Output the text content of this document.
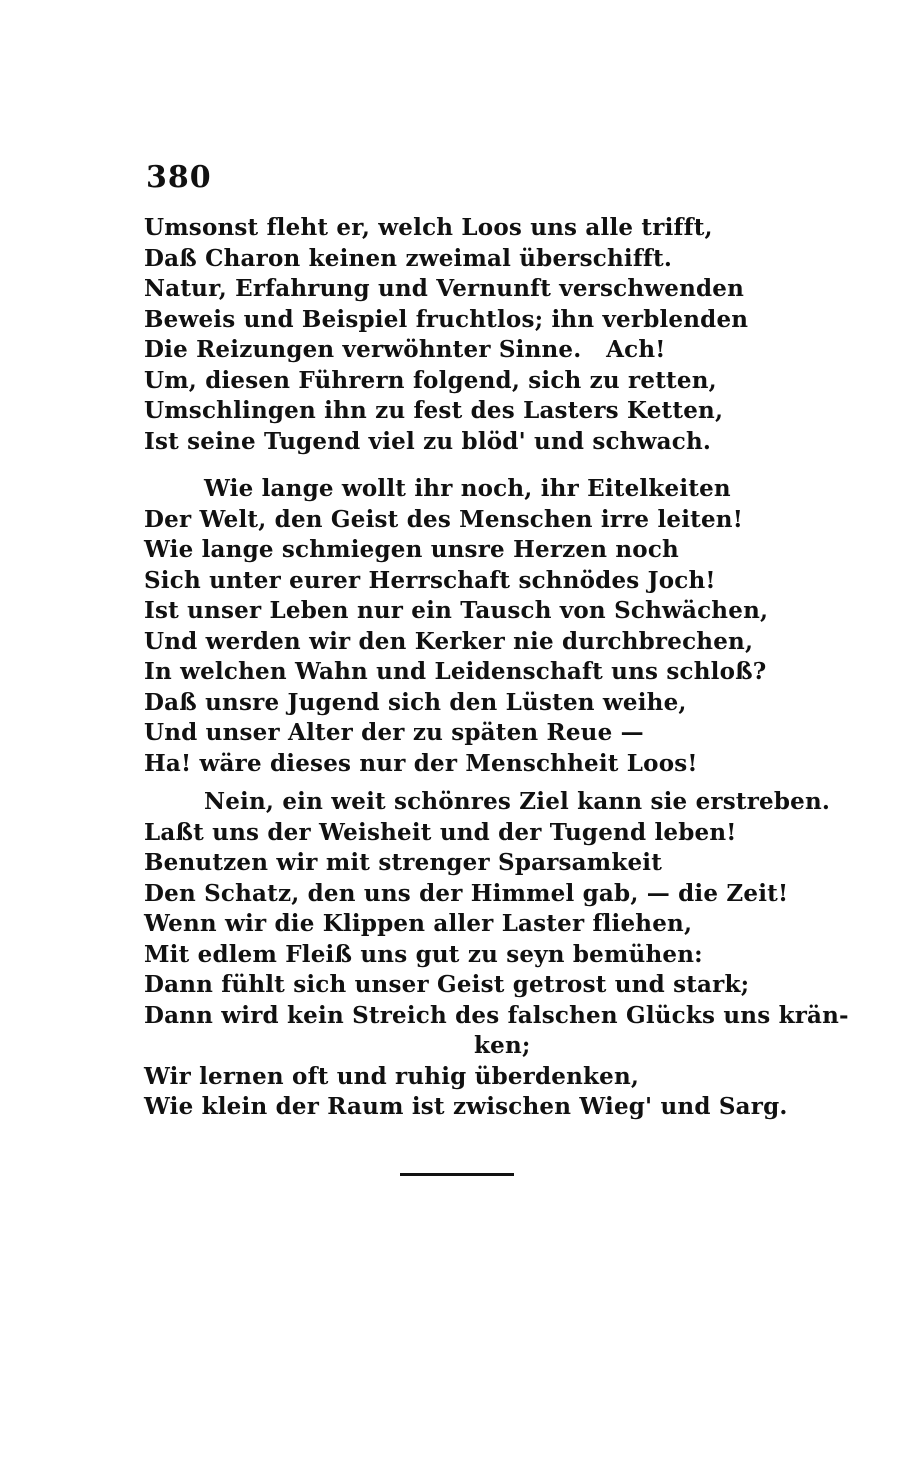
380
Umsonst fleht er, welch Loos uns alle trifft,
Daß Charon keinen zweimal überschifft.
Natur, Erfahrung und Vernunft verschwenden
Beweis und Beispiel fruchtlos; ihn verblenden
Die Reizungen verwöhnter Sinne.   Ach!
Um, diesen Führern folgend, sich zu retten,
Umschlingen ihn zu fest des Lasters Ketten,
Ist seine Tugend viel zu blöd' und schwach.
Wie lange wollt ihr noch, ihr Eitelkeiten
Der Welt, den Geist des Menschen irre leiten!
Wie lange schmiegen unsre Herzen noch
Sich unter eurer Herrschaft schnödes Joch!
Ist unser Leben nur ein Tausch von Schwächen,
Und werden wir den Kerker nie durchbrechen,
In welchen Wahn und Leidenschaft uns schloß?
Daß unsre Jugend sich den Lüsten weihe,
Und unser Alter der zu späten Reue —
Ha! wäre dieses nur der Menschheit Loos!
Nein, ein weit schönres Ziel kann sie erstreben.
Laßt uns der Weisheit und der Tugend leben!
Benutzen wir mit strenger Sparsamkeit
Den Schatz, den uns der Himmel gab, — die Zeit!
Wenn wir die Klippen aller Laster fliehen,
Mit edlem Fleiß uns gut zu seyn bemühen:
Dann fühlt sich unser Geist getrost und stark;
Dann wird kein Streich des falschen Glücks uns krän-
ken;
Wir lernen oft und ruhig überdenken,
Wie klein der Raum ist zwischen Wieg' und Sarg.
